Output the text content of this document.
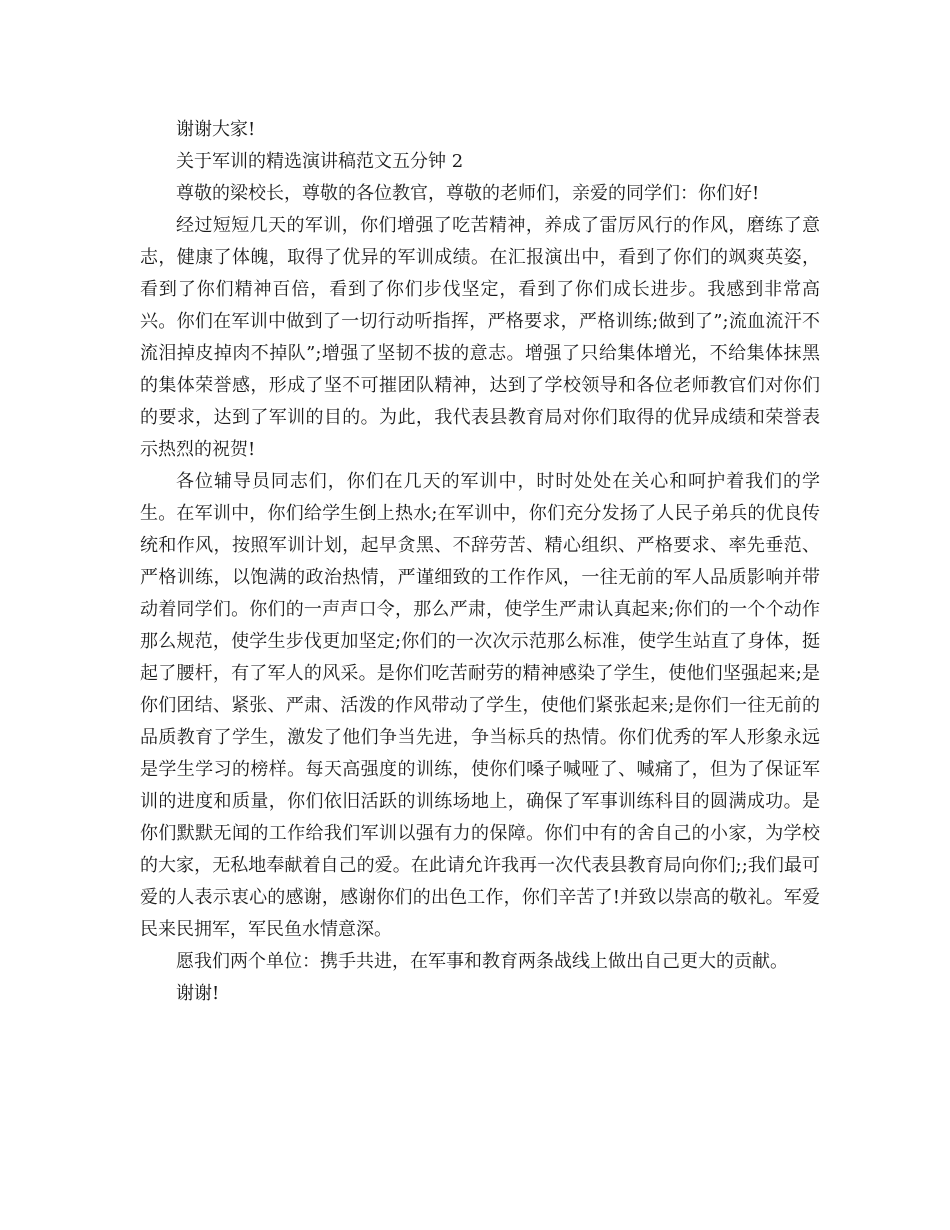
谢谢大家!

关于军训的精选演讲稿范文五分钟 2

尊敬的梁校长，尊敬的各位教官，尊敬的老师们，亲爱的同学们：你们好!

经过短短几天的军训，你们增强了吃苦精神，养成了雷厉风行的作风，磨练了意志，健康了体魄，取得了优异的军训成绩。在汇报演出中，看到了你们的飒爽英姿，看到了你们精神百倍，看到了你们步伐坚定，看到了你们成长进步。我感到非常高兴。你们在军训中做到了一切行动听指挥，严格要求，严格训练;做到了”;流血流汗不流泪掉皮掉肉不掉队”;增强了坚韧不拔的意志。增强了只给集体增光，不给集体抹黑的集体荣誉感，形成了坚不可摧团队精神，达到了学校领导和各位老师教官们对你们的要求，达到了军训的目的。为此，我代表县教育局对你们取得的优异成绩和荣誉表示热烈的祝贺!

各位辅导员同志们，你们在几天的军训中，时时处处在关心和呵护着我们的学生。在军训中，你们给学生倒上热水;在军训中，你们充分发扬了人民子弟兵的优良传统和作风，按照军训计划，起早贪黑、不辞劳苦、精心组织、严格要求、率先垂范、严格训练，以饱满的政治热情，严谨细致的工作作风，一往无前的军人品质影响并带动着同学们。你们的一声声口令，那么严肃，使学生严肃认真起来;你们的一个个动作那么规范，使学生步伐更加坚定;你们的一次次示范那么标准，使学生站直了身体，挺起了腰杆，有了军人的风采。是你们吃苦耐劳的精神感染了学生，使他们坚强起来;是你们团结、紧张、严肃、活泼的作风带动了学生，使他们紧张起来;是你们一往无前的品质教育了学生，激发了他们争当先进，争当标兵的热情。你们优秀的军人形象永远是学生学习的榜样。每天高强度的训练，使你们嗓子喊哑了、喊痛了，但为了保证军训的进度和质量，你们依旧活跃的训练场地上，确保了军事训练科目的圆满成功。是你们默默无闻的工作给我们军训以强有力的保障。你们中有的舍自己的小家，为学校的大家，无私地奉献着自己的爱。在此请允许我再一次代表县教育局向你们;;我们最可爱的人表示衷心的感谢，感谢你们的出色工作，你们辛苦了!并致以崇高的敬礼。军爱民来民拥军，军民鱼水情意深。

愿我们两个单位：携手共进，在军事和教育两条战线上做出自己更大的贡献。

谢谢!
